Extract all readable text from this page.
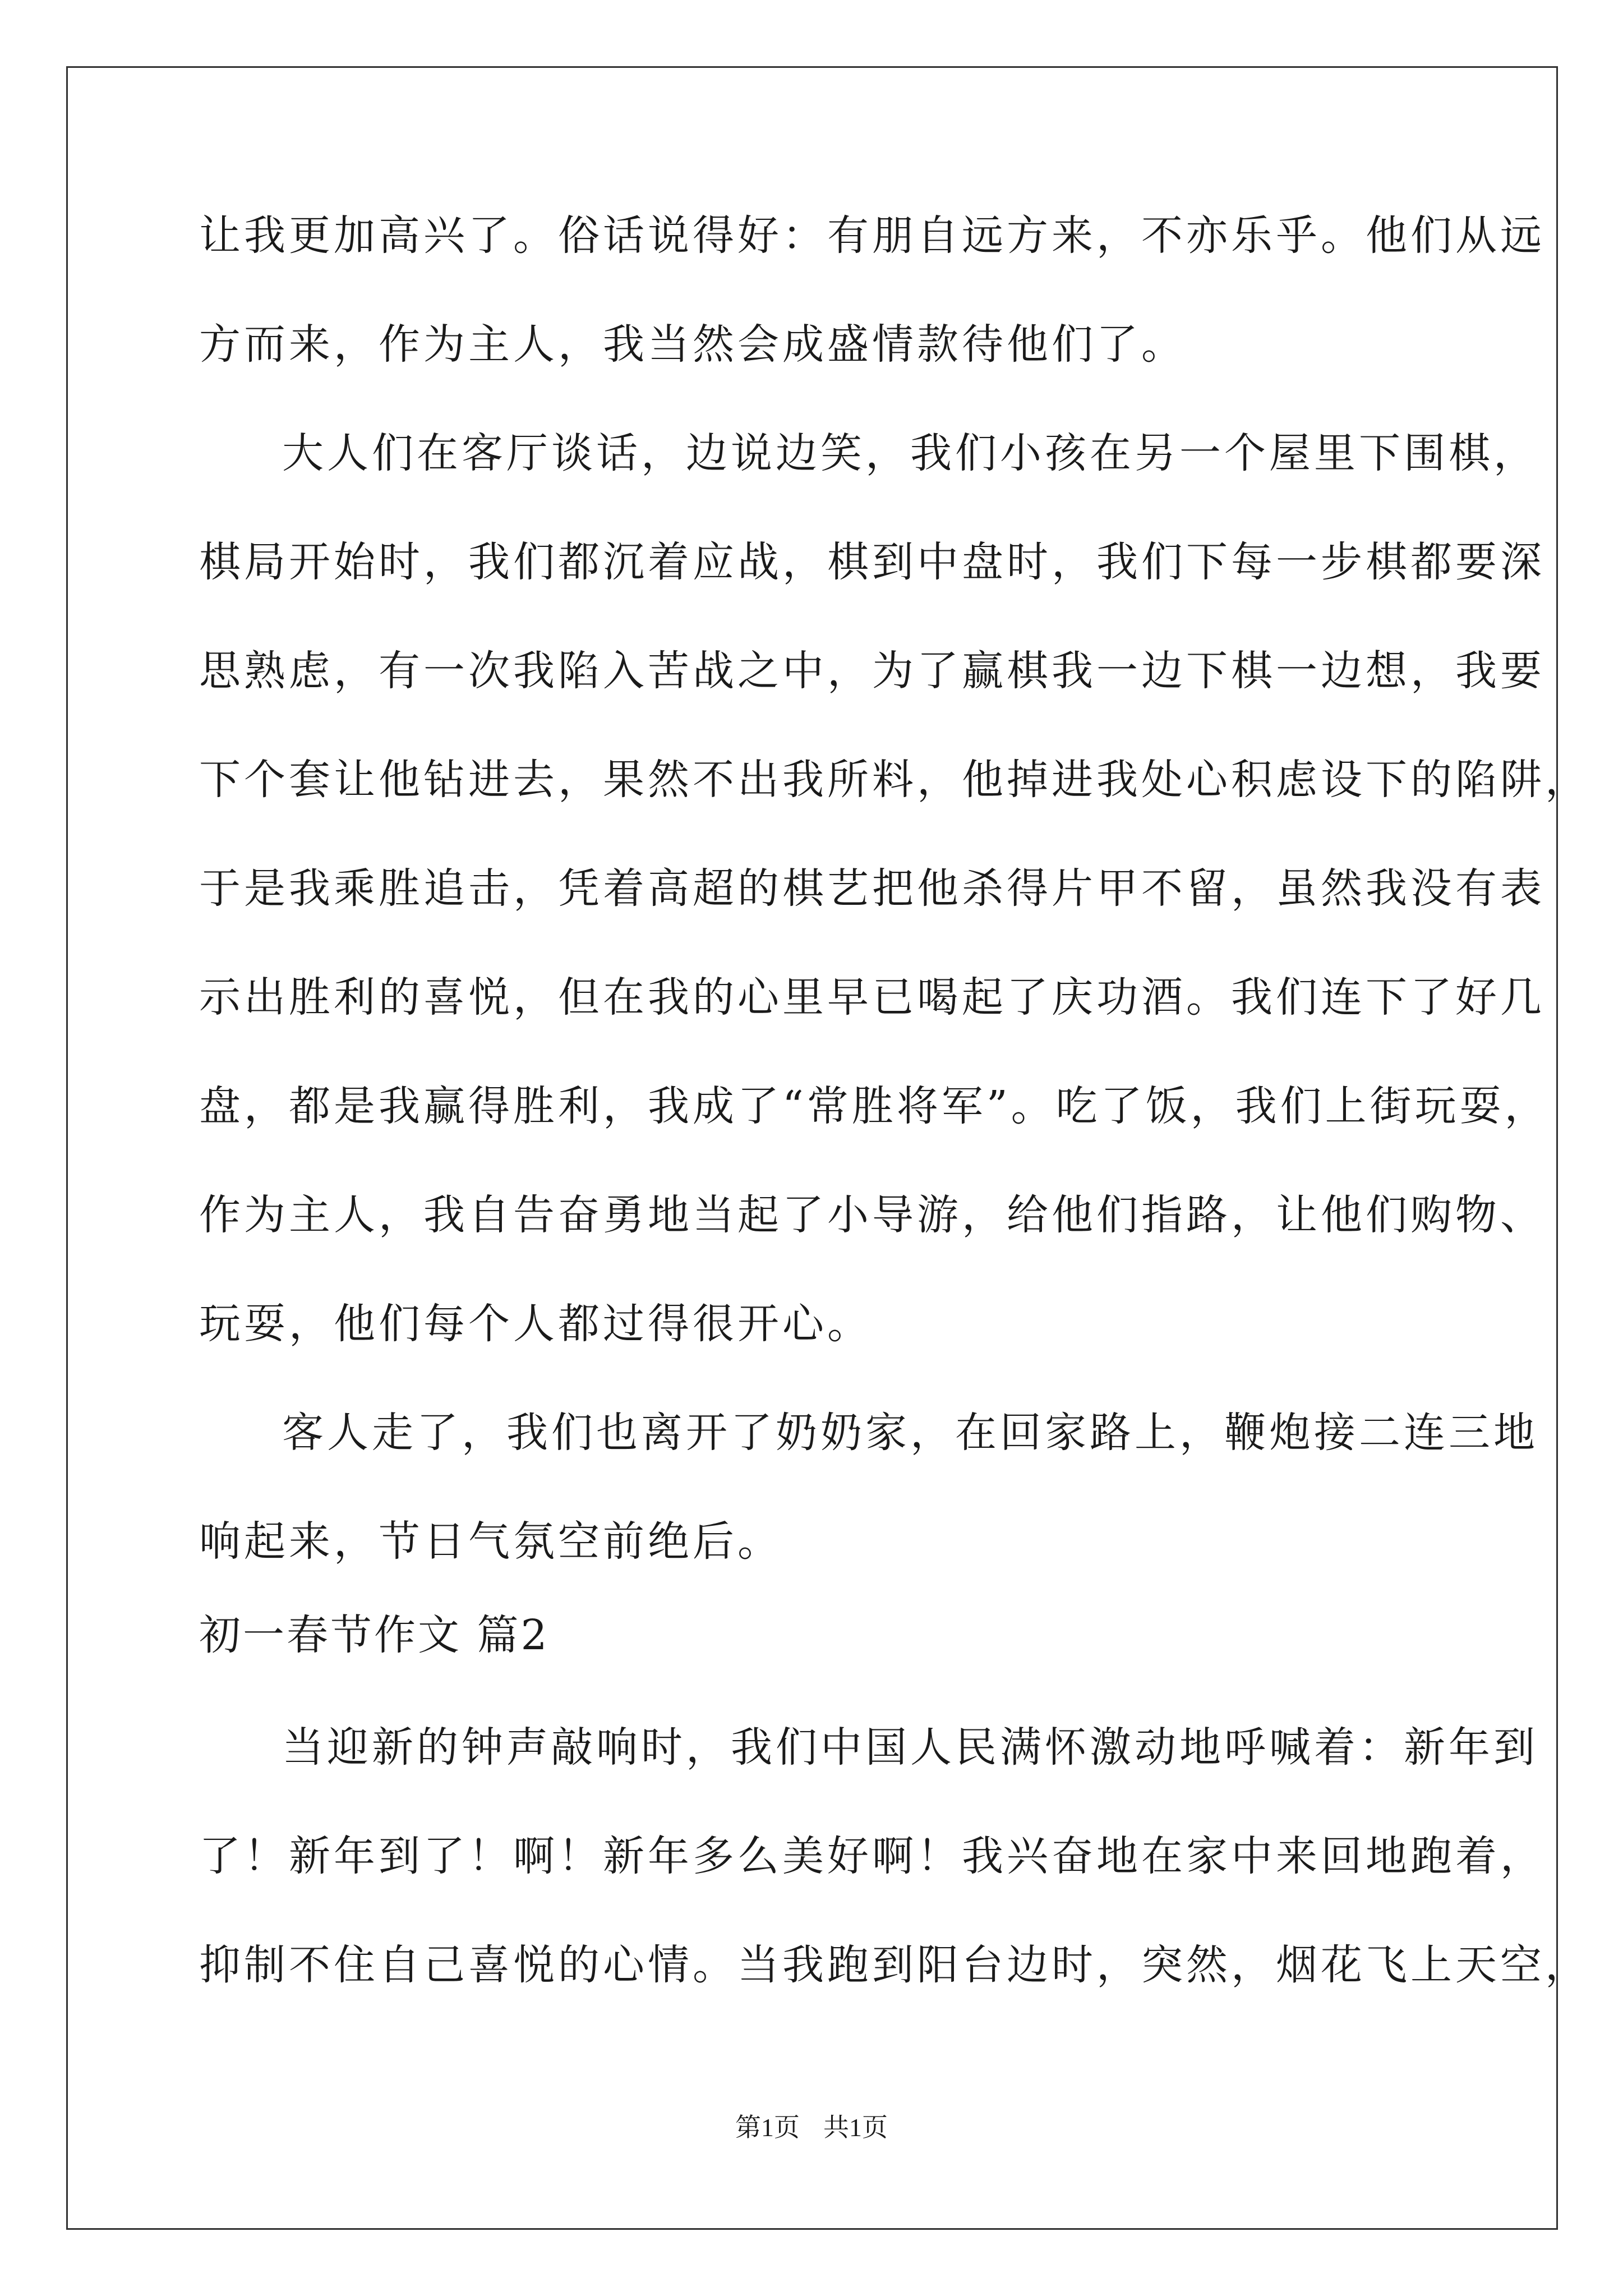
让我更加高兴了。俗话说得好：有朋自远方来，不亦乐乎。他们从远
方而来，作为主人，我当然会成盛情款待他们了。
大人们在客厅谈话，边说边笑，我们小孩在另一个屋里下围棋，
棋局开始时，我们都沉着应战，棋到中盘时，我们下每一步棋都要深
思熟虑，有一次我陷入苦战之中，为了赢棋我一边下棋一边想，我要
下个套让他钻进去，果然不出我所料，他掉进我处心积虑设下的陷阱，
于是我乘胜追击，凭着高超的棋艺把他杀得片甲不留，虽然我没有表
示出胜利的喜悦，但在我的心里早已喝起了庆功酒。我们连下了好几
盘，都是我赢得胜利，我成了“常胜将军”。吃了饭，我们上街玩耍，
作为主人，我自告奋勇地当起了小导游，给他们指路，让他们购物、
玩耍，他们每个人都过得很开心。
客人走了，我们也离开了奶奶家，在回家路上，鞭炮接二连三地
响起来，节日气氛空前绝后。
初一春节作文 篇2
当迎新的钟声敲响时，我们中国人民满怀激动地呼喊着：新年到
了！新年到了！啊！新年多么美好啊！我兴奋地在家中来回地跑着，
抑制不住自己喜悦的心情。当我跑到阳台边时，突然，烟花飞上天空，
第1页 共1页
